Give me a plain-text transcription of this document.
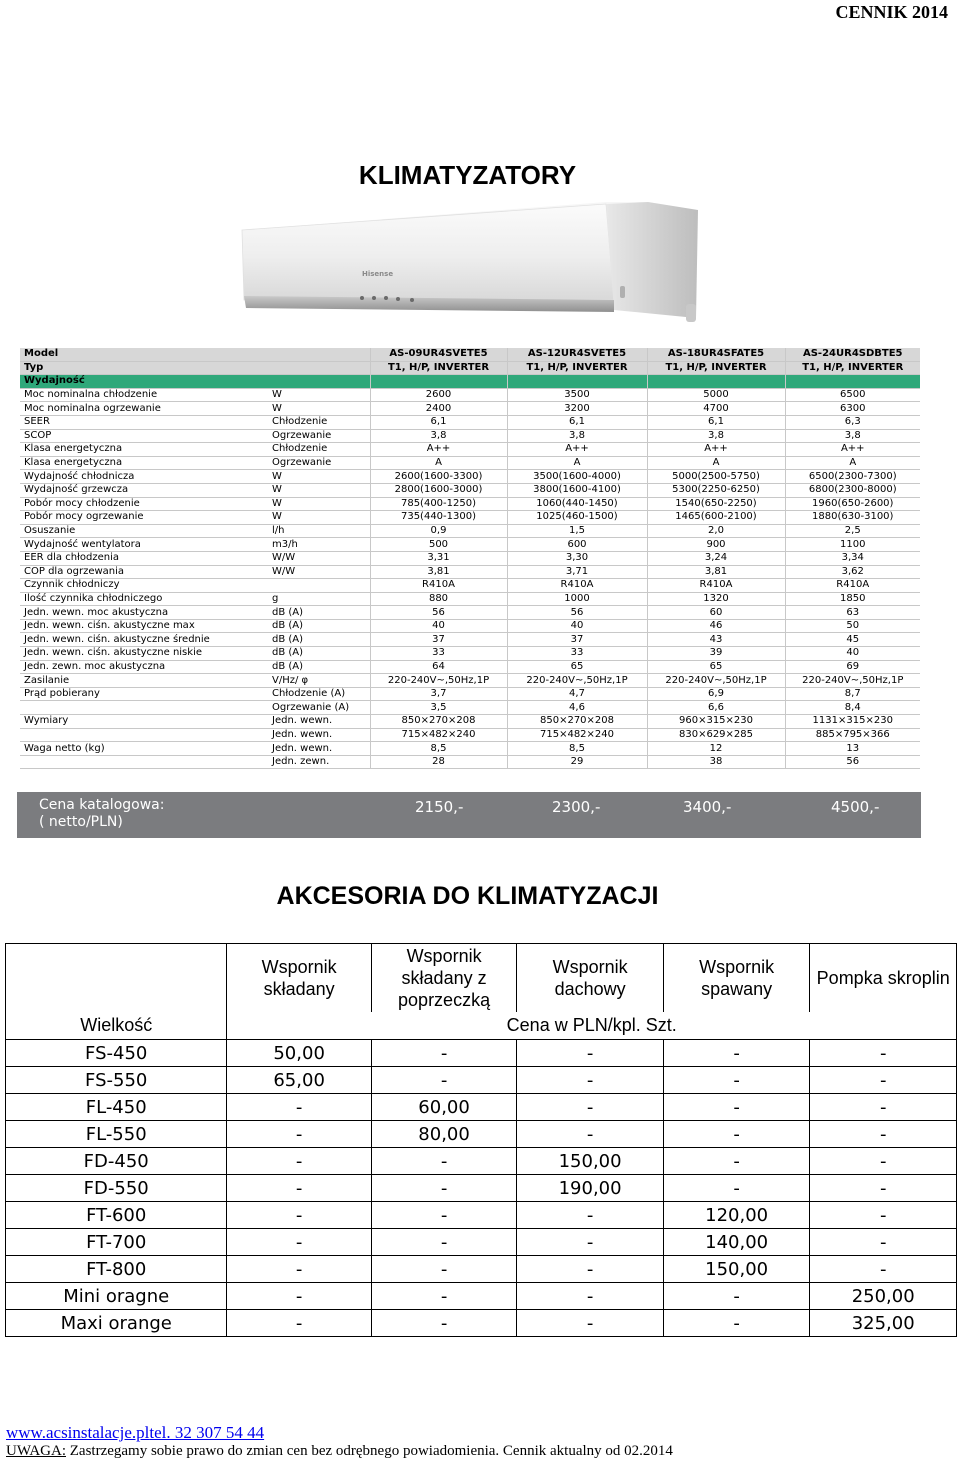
CENNIK 2014
KLIMATYZATORY
Hisense
Model		AS-09UR4SVETE5	AS-12UR4SVETE5	AS-18UR4SFATE5	AS-24UR4SDBTE5
Typ		T1, H/P, INVERTER	T1, H/P, INVERTER	T1, H/P, INVERTER	T1, H/P, INVERTER
Wydajność					
Moc nominalna chłodzenie	W	2600	3500	5000	6500
Moc nominalna ogrzewanie	W	2400	3200	4700	6300
SEER	Chłodzenie	6,1	6,1	6,1	6,3
SCOP	Ogrzewanie	3,8	3,8	3,8	3,8
Klasa energetyczna	Chłodzenie	A++	A++	A++	A++
Klasa energetyczna	Ogrzewanie	A	A	A	A
Wydajność chłodnicza	W	2600(1600-3300)	3500(1600-4000)	5000(2500-5750)	6500(2300-7300)
Wydajność grzewcza	W	2800(1600-3000)	3800(1600-4100)	5300(2250-6250)	6800(2300-8000)
Pobór mocy chłodzenie	W	785(400-1250)	1060(440-1450)	1540(650-2250)	1960(650-2600)
Pobór mocy ogrzewanie	W	735(440-1300)	1025(460-1500)	1465(600-2100)	1880(630-3100)
Osuszanie	l/h	0,9	1,5	2,0	2,5
Wydajność wentylatora	m3/h	500	600	900	1100
EER dla chłodzenia	W/W	3,31	3,30	3,24	3,34
COP dla ogrzewania	W/W	3,81	3,71	3,81	3,62
Czynnik chłodniczy		R410A	R410A	R410A	R410A
Ilość czynnika chłodniczego	g	880	1000	1320	1850
Jedn. wewn. moc akustyczna	dB (A)	56	56	60	63
Jedn. wewn. ciśn. akustyczne max	dB (A)	40	40	46	50
Jedn. wewn. ciśn. akustyczne średnie	dB (A)	37	37	43	45
Jedn. wewn. ciśn. akustyczne niskie	dB (A)	33	33	39	40
Jedn. zewn. moc akustyczna	dB (A)	64	65	65	69
Zasilanie	V/Hz/ φ	220-240V~,50Hz,1P	220-240V~,50Hz,1P	220-240V~,50Hz,1P	220-240V~,50Hz,1P
Prąd pobierany	Chłodzenie (A)	3,7	4,7	6,9	8,7
	Ogrzewanie (A)	3,5	4,6	6,6	8,4
Wymiary	Jedn. wewn.	850×270×208	850×270×208	960×315×230	1131×315×230
	Jedn. wewn.	715×482×240	715×482×240	830×629×285	885×795×366
Waga netto (kg)	Jedn. wewn.	8,5	8,5	12	13
	Jedn. zewn.	28	29	38	56
Cena katalogowa:
( netto/PLN)
2150,-	2300,-	3400,-	4500,-
AKCESORIA DO KLIMATYZACJI
	Wspornik składany	Wspornik składany z poprzeczką	Wspornik dachowy	Wspornik spawany	Pompka skroplin
Wielkość	Cena w PLN/kpl. Szt.				
FS-450	50,00	-	-	-	-
FS-550	65,00	-	-	-	-
FL-450	-	60,00	-	-	-
FL-550	-	80,00	-	-	-
FD-450	-	-	150,00	-	-
FD-550	-	-	190,00	-	-
FT-600	-	-	-	120,00	-
FT-700	-	-	-	140,00	-
FT-800	-	-	-	150,00	-
Mini oragne	-	-	-	-	250,00
Maxi orange	-	-	-	-	325,00
www.acsinstalacje.pltel. 32 307 54 44
UWAGA: Zastrzegamy sobie prawo do zmian cen bez odrębnego powiadomienia. Cennik aktualny od 02.2014
